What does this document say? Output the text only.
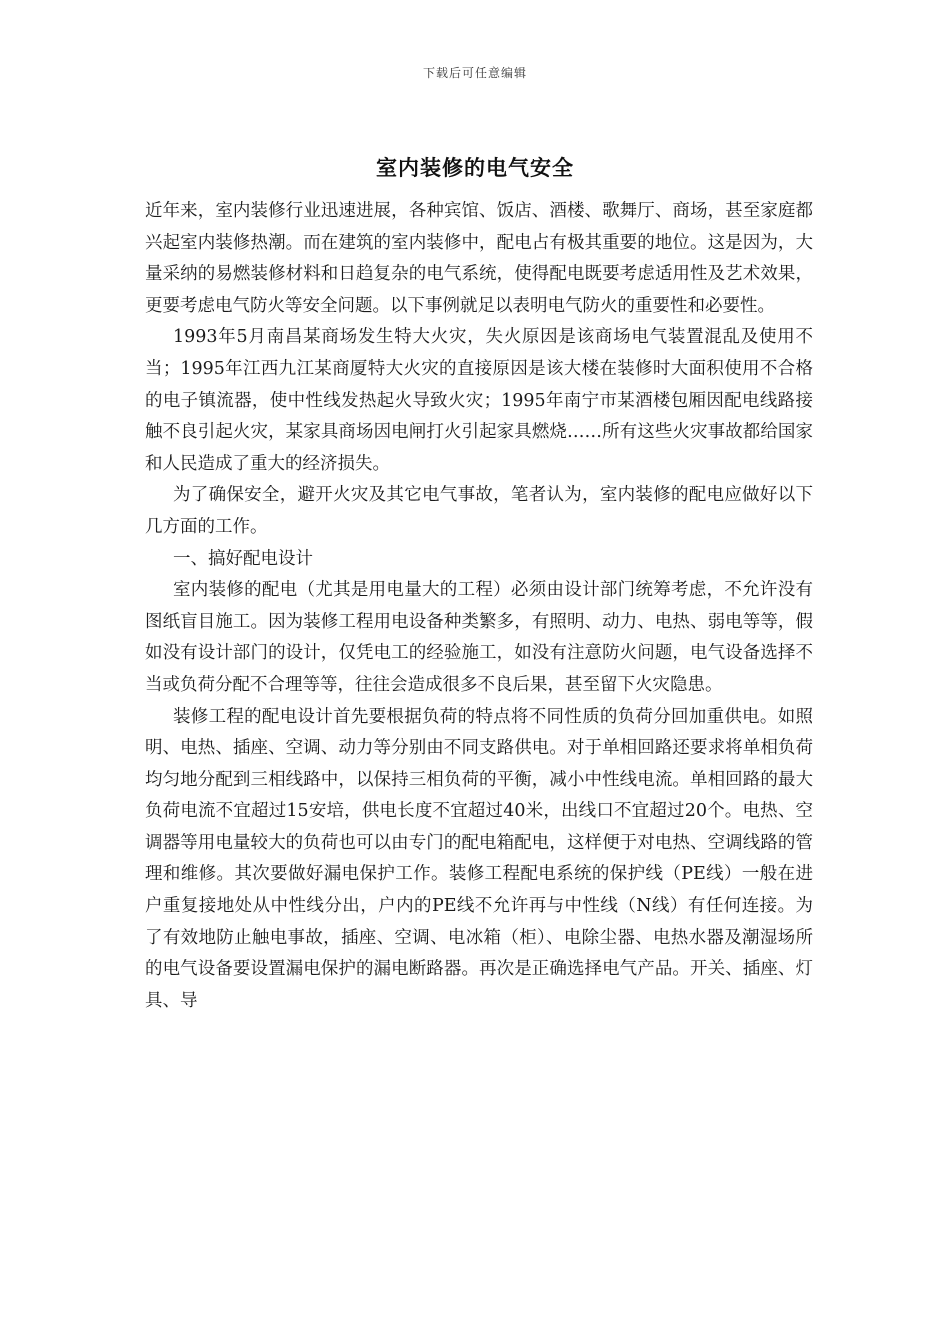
下载后可任意编辑
室内装修的电气安全

近年来，室内装修行业迅速进展，各种宾馆、饭店、酒楼、歌舞厅、商场，甚至家庭都兴起室内装修热潮。而在建筑的室内装修中，配电占有极其重要的地位。这是因为，大量采纳的易燃装修材料和日趋复杂的电气系统，使得配电既要考虑适用性及艺术效果，更要考虑电气防火等安全问题。以下事例就足以表明电气防火的重要性和必要性。

1993年5月南昌某商场发生特大火灾，失火原因是该商场电气装置混乱及使用不当；1995年江西九江某商厦特大火灾的直接原因是该大楼在装修时大面积使用不合格的电子镇流器，使中性线发热起火导致火灾；1995年南宁市某酒楼包厢因配电线路接触不良引起火灾，某家具商场因电闸打火引起家具燃烧……所有这些火灾事故都给国家和人民造成了重大的经济损失。

为了确保安全，避开火灾及其它电气事故，笔者认为，室内装修的配电应做好以下几方面的工作。

一、搞好配电设计

室内装修的配电（尤其是用电量大的工程）必须由设计部门统筹考虑，不允许没有图纸盲目施工。因为装修工程用电设备种类繁多，有照明、动力、电热、弱电等等，假如没有设计部门的设计，仅凭电工的经验施工，如没有注意防火问题，电气设备选择不当或负荷分配不合理等等，往往会造成很多不良后果，甚至留下火灾隐患。

装修工程的配电设计首先要根据负荷的特点将不同性质的负荷分回加重供电。如照明、电热、插座、空调、动力等分别由不同支路供电。对于单相回路还要求将单相负荷均匀地分配到三相线路中，以保持三相负荷的平衡，减小中性线电流。单相回路的最大负荷电流不宜超过15安培，供电长度不宜超过40米，出线口不宜超过20个。电热、空调器等用电量较大的负荷也可以由专门的配电箱配电，这样便于对电热、空调线路的管理和维修。其次要做好漏电保护工作。装修工程配电系统的保护线（PE线）一般在进户重复接地处从中性线分出，户内的PE线不允许再与中性线（N线）有任何连接。为了有效地防止触电事故，插座、空调、电冰箱（柜）、电除尘器、电热水器及潮湿场所的电气设备要设置漏电保护的漏电断路器。再次是正确选择电气产品。开关、插座、灯具、导
